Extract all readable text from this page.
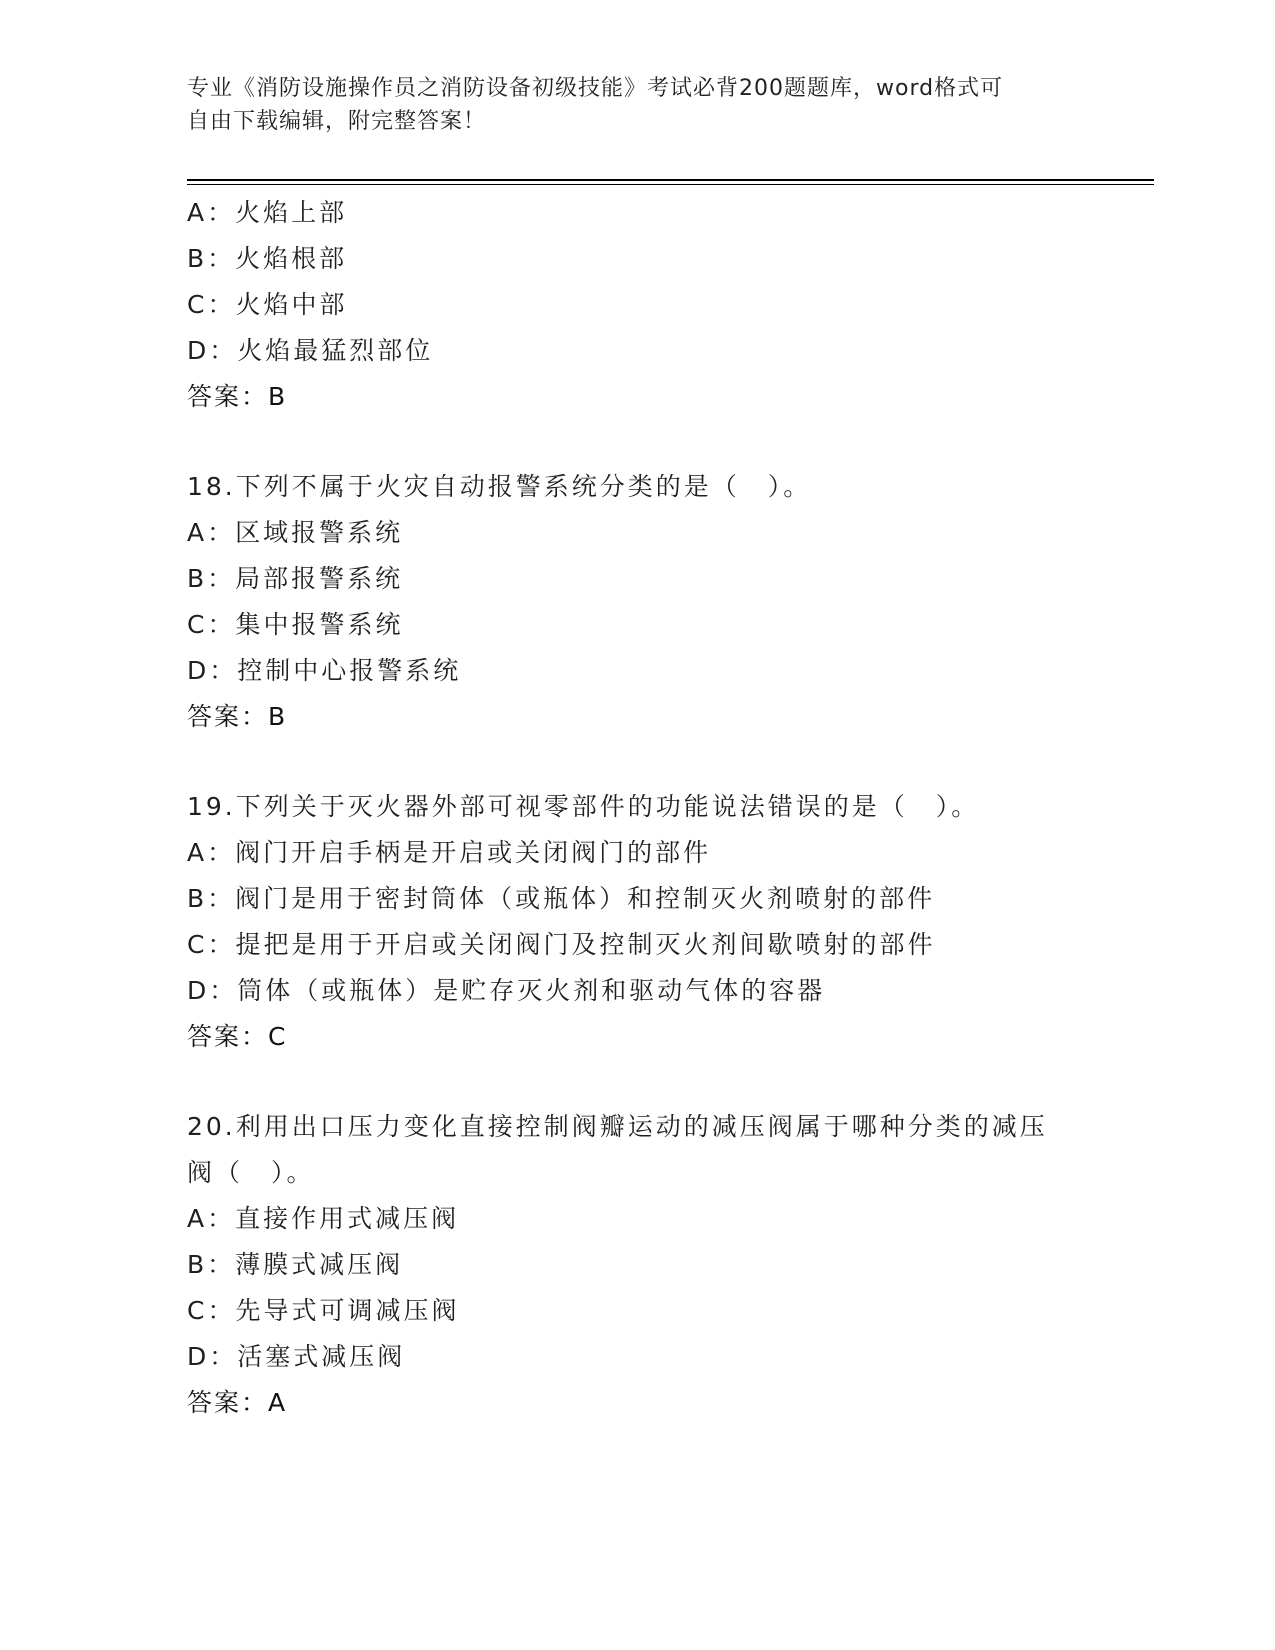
专业《消防设施操作员之消防设备初级技能》考试必背200题题库，word格式可
自由下载编辑，附完整答案！
A：火焰上部
B：火焰根部
C：火焰中部
D：火焰最猛烈部位
答案：B
18.下列不属于火灾自动报警系统分类的是（　）。
A：区域报警系统
B：局部报警系统
C：集中报警系统
D：控制中心报警系统
答案：B
19.下列关于灭火器外部可视零部件的功能说法错误的是（　）。
A：阀门开启手柄是开启或关闭阀门的部件
B：阀门是用于密封筒体（或瓶体）和控制灭火剂喷射的部件
C：提把是用于开启或关闭阀门及控制灭火剂间歇喷射的部件
D：筒体（或瓶体）是贮存灭火剂和驱动气体的容器
答案：C
20.利用出口压力变化直接控制阀瓣运动的减压阀属于哪种分类的减压
阀（　）。
A：直接作用式减压阀
B：薄膜式减压阀
C：先导式可调减压阀
D：活塞式减压阀
答案：A
